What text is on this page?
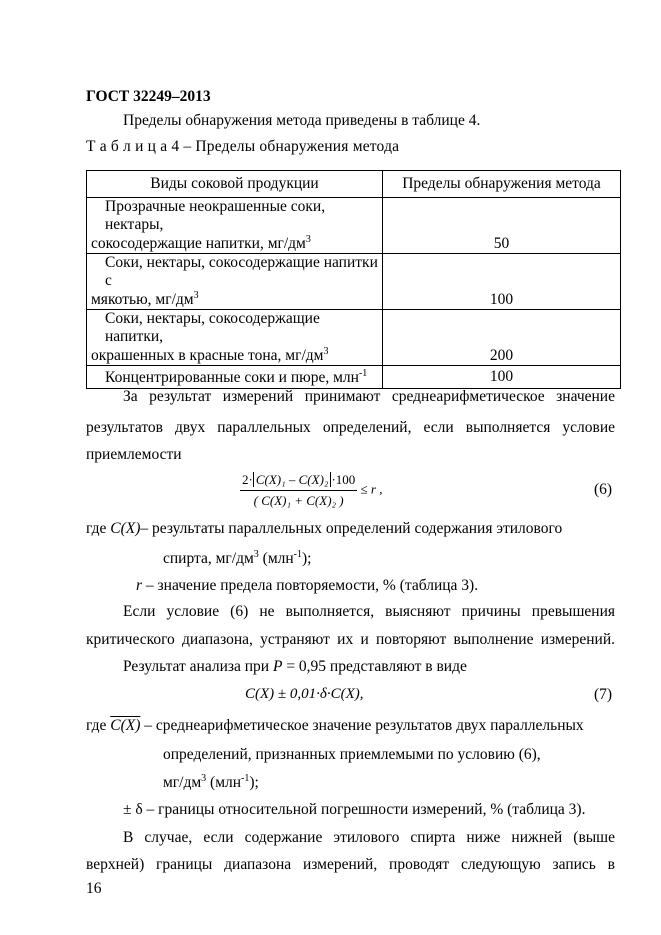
ГОСТ 32249–2013
Пределы обнаружения метода приведены в таблице 4.
Т а б л и ц а 4 – Пределы обнаружения метода
Виды соковой продукции	Пределы обнаружения метода

Прозрачные неокрашенные соки, нектары,
сокосодержащие напитки, $мг/дм^3$	50

Соки, нектары, сокосодержащие напитки с
мякотью, $мг/дм^3$	100

Соки, нектары, сокосодержащие напитки,
окрашенных в красные тона, $мг/дм^3$	200

Концентрированные соки и пюре, млн$^{-1}$	100
За результат измерений принимают среднеарифметическое значение
результатов двух параллельных определений, если выполняется условие
приемлемости
$\frac{\text{2· C(X)₁ – C(X)₂ ·100}}{\text{( C(X)₁ + C(X)₂ )}} \le r$ ,	(6)
где C(X)– результаты параллельных определений содержания этилового
спирта, $мг/дм^3$ (млн$^{-1}$);
r – значение предела повторяемости, % (таблица 3).
Если условие (6) не выполняется, выясняют причины превышения
критического диапазона, устраняют их и повторяют выполнение измерений.
Результат анализа при P = 0,95 представляют в виде
C(X) ± 0,01·δ·C(X),	(7)
где C(X) – среднеарифметическое значение результатов двух параллельных
определений, признанных приемлемыми по условию (6),
$мг/дм^3$ (млн$^{-1}$);
± δ – границы относительной погрешности измерений, % (таблица 3).
В случае, если содержание этилового спирта ниже нижней (выше
верхней) границы диапазона измерений, проводят следующую запись в
16
